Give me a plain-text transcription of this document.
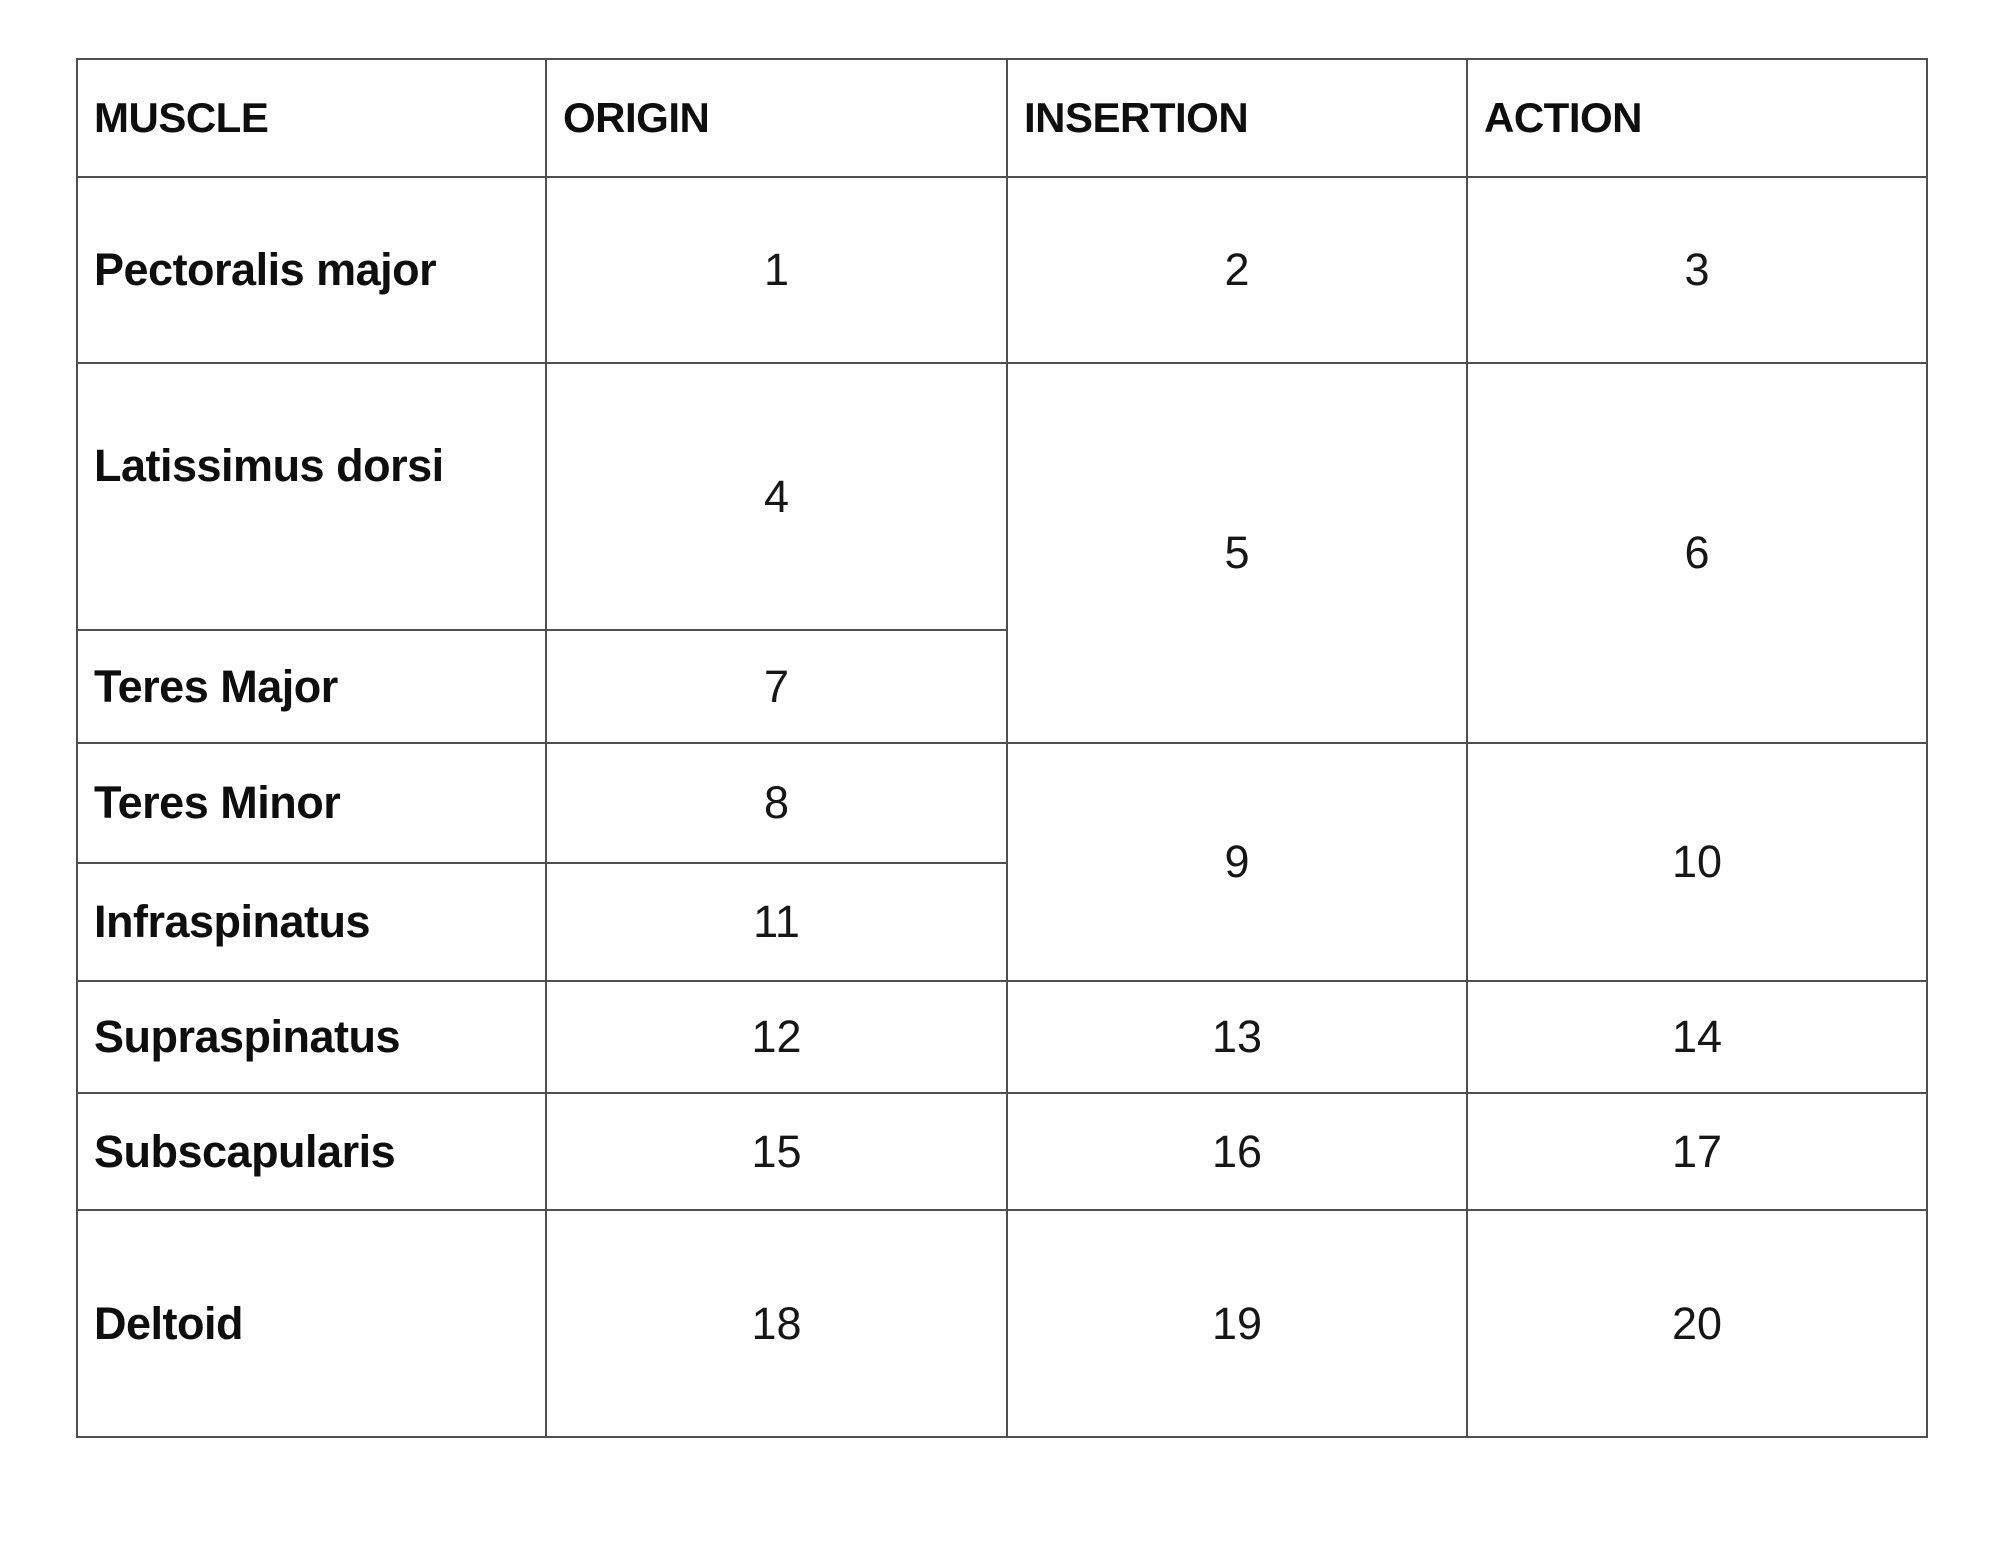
MUSCLE	ORIGIN	INSERTION	ACTION
Pectoralis major	1	2	3
Latissimus dorsi	4	5	6
Teres Major	7		
Teres Minor	8	9	10
Infraspinatus	11		
Supraspinatus	12	13	14
Subscapularis	15	16	17
Deltoid	18	19	20
